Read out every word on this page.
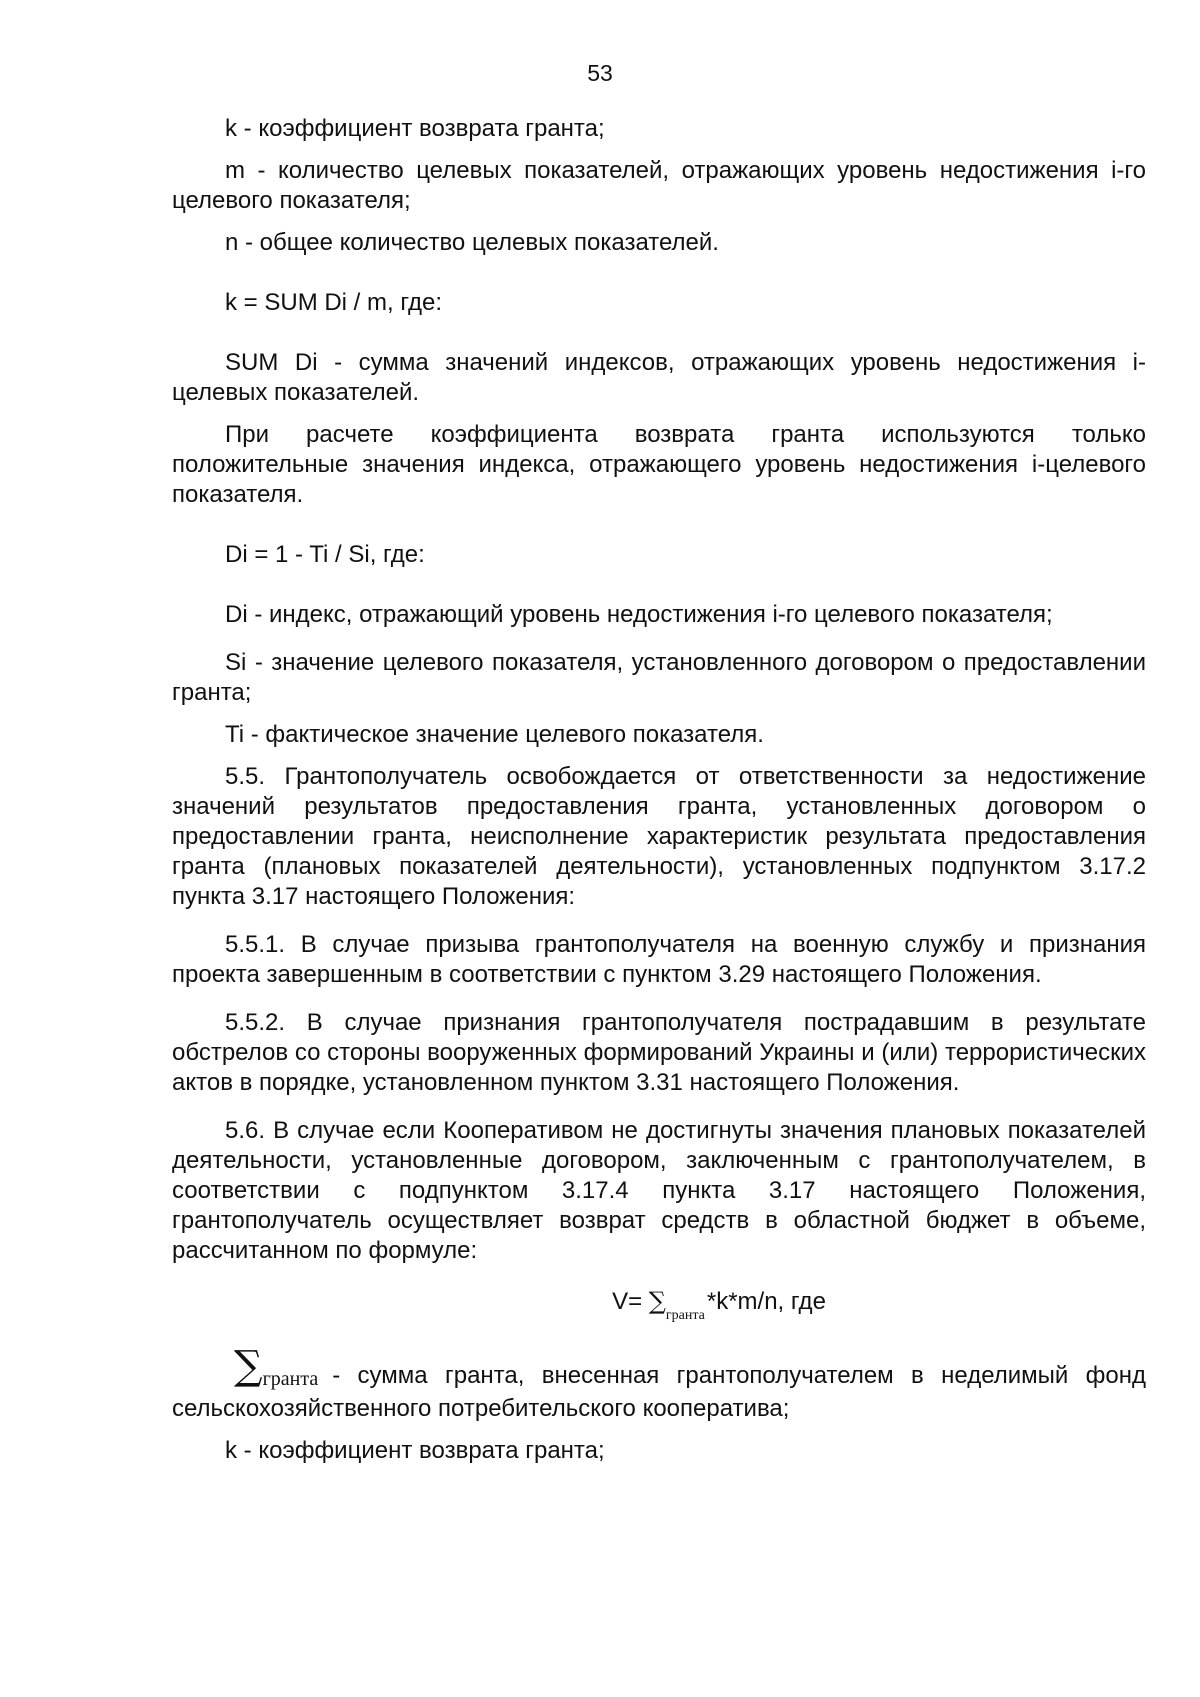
53

k - коэффициент возврата гранта;

m - количество целевых показателей, отражающих уровень недостижения i-го целевого показателя;

n - общее количество целевых показателей.

k = SUM Di / m, где:

SUM Di - сумма значений индексов, отражающих уровень недостижения i-целевых показателей.

При расчете коэффициента возврата гранта используются только положительные значения индекса, отражающего уровень недостижения i-целевого показателя.

Di = 1 - Ti / Si, где:

Di - индекс, отражающий уровень недостижения i-го целевого показателя;

Si - значение целевого показателя, установленного договором о предоставлении гранта;

Ti - фактическое значение целевого показателя.

5.5. Грантополучатель освобождается от ответственности за недостижение значений результатов предоставления гранта, установленных договором о предоставлении гранта, неисполнение характеристик результата предоставления гранта (плановых показателей деятельности), установленных подпунктом 3.17.2 пункта 3.17 настоящего Положения:

5.5.1. В случае призыва грантополучателя на военную службу и признания проекта завершенным в соответствии с пунктом 3.29 настоящего Положения.

5.5.2. В случае признания грантополучателя пострадавшим в результате обстрелов со стороны вооруженных формирований Украины и (или) террористических актов в порядке, установленном пунктом 3.31 настоящего Положения.

5.6. В случае если Кооперативом не достигнуты значения плановых показателей деятельности, установленные договором, заключенным с грантополучателем, в соответствии с подпунктом 3.17.4 пункта 3.17 настоящего Положения, грантополучатель осуществляет возврат средств в областной бюджет в объеме, рассчитанном по формуле:

$V= \sum_{гранта}*k*m/n$, где
∑гранта - сумма гранта, внесенная грантополучателем в неделимый фонд сельскохозяйственного потребительского кооператива;

k - коэффициент возврата гранта;
